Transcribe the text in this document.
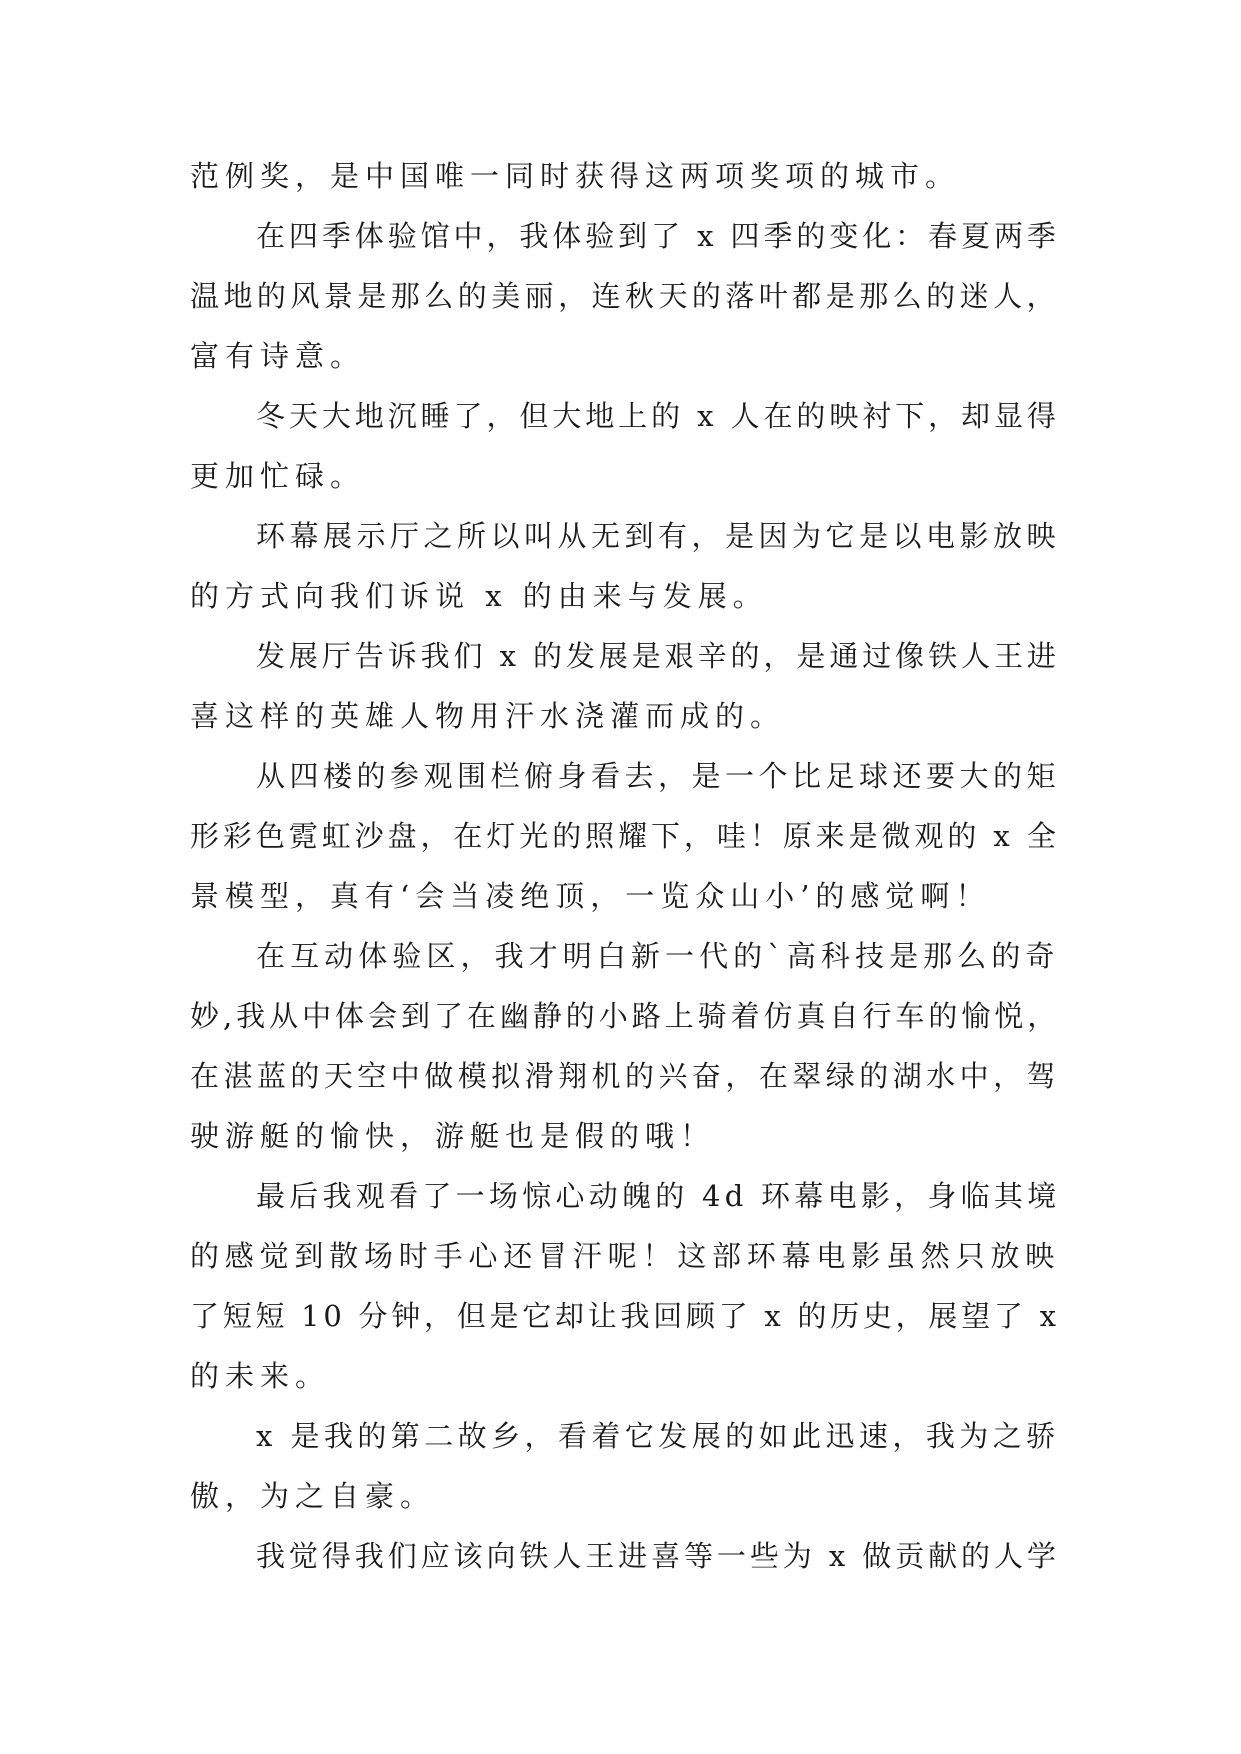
范例奖，是中国唯一同时获得这两项奖项的城市。
在四季体验馆中，我体验到了 x 四季的变化：春夏两季
温地的风景是那么的美丽，连秋天的落叶都是那么的迷人，
富有诗意。
冬天大地沉睡了，但大地上的 x 人在的映衬下，却显得
更加忙碌。
环幕展示厅之所以叫从无到有，是因为它是以电影放映
的方式向我们诉说 x 的由来与发展。
发展厅告诉我们 x 的发展是艰辛的，是通过像铁人王进
喜这样的英雄人物用汗水浇灌而成的。
从四楼的参观围栏俯身看去，是一个比足球还要大的矩
形彩色霓虹沙盘，在灯光的照耀下，哇！原来是微观的 x 全
景模型，真有‘会当凌绝顶，一览众山小’的感觉啊！
在互动体验区，我才明白新一代的`高科技是那么的奇
妙,我从中体会到了在幽静的小路上骑着仿真自行车的愉悦，
在湛蓝的天空中做模拟滑翔机的兴奋，在翠绿的湖水中，驾
驶游艇的愉快，游艇也是假的哦！
最后我观看了一场惊心动魄的 4d 环幕电影，身临其境
的感觉到散场时手心还冒汗呢！这部环幕电影虽然只放映
了短短 10 分钟，但是它却让我回顾了 x 的历史，展望了 x
的未来。
x 是我的第二故乡，看着它发展的如此迅速，我为之骄
傲，为之自豪。
我觉得我们应该向铁人王进喜等一些为 x 做贡献的人学
